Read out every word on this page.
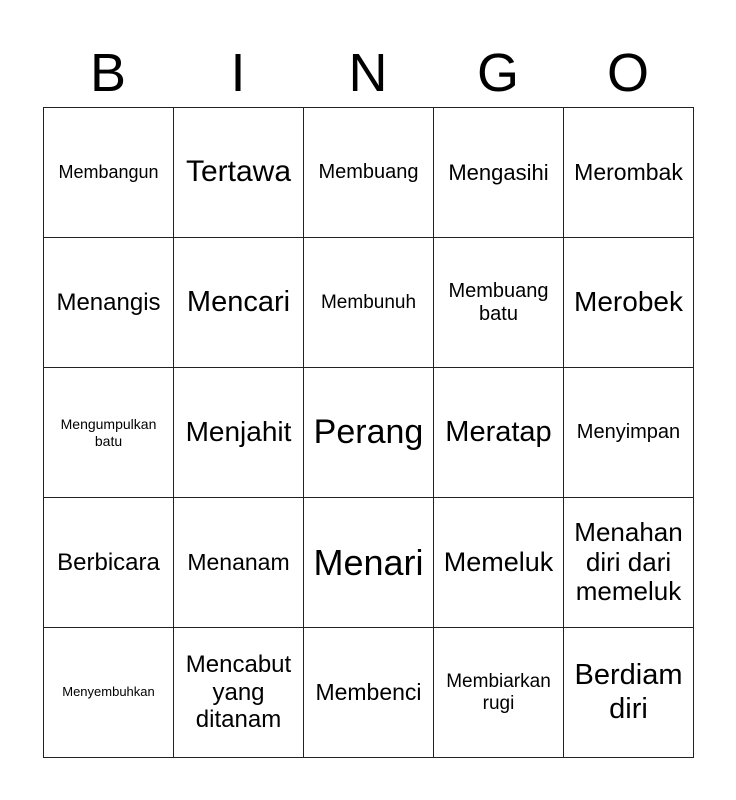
B	I	N	G	O
Membangun	Tertawa	Membuang	Mengasihi	Merombak
Menangis	Mencari	Membunuh	Membuang batu	Merobek
Mengumpulkan batu	Menjahit	Perang	Meratap	Menyimpan
Berbicara	Menanam	Menari	Memeluk	Menahan diri dari memeluk
Menyembuhkan	Mencabut yang ditanam	Membenci	Membiarkan rugi	Berdiam diri
